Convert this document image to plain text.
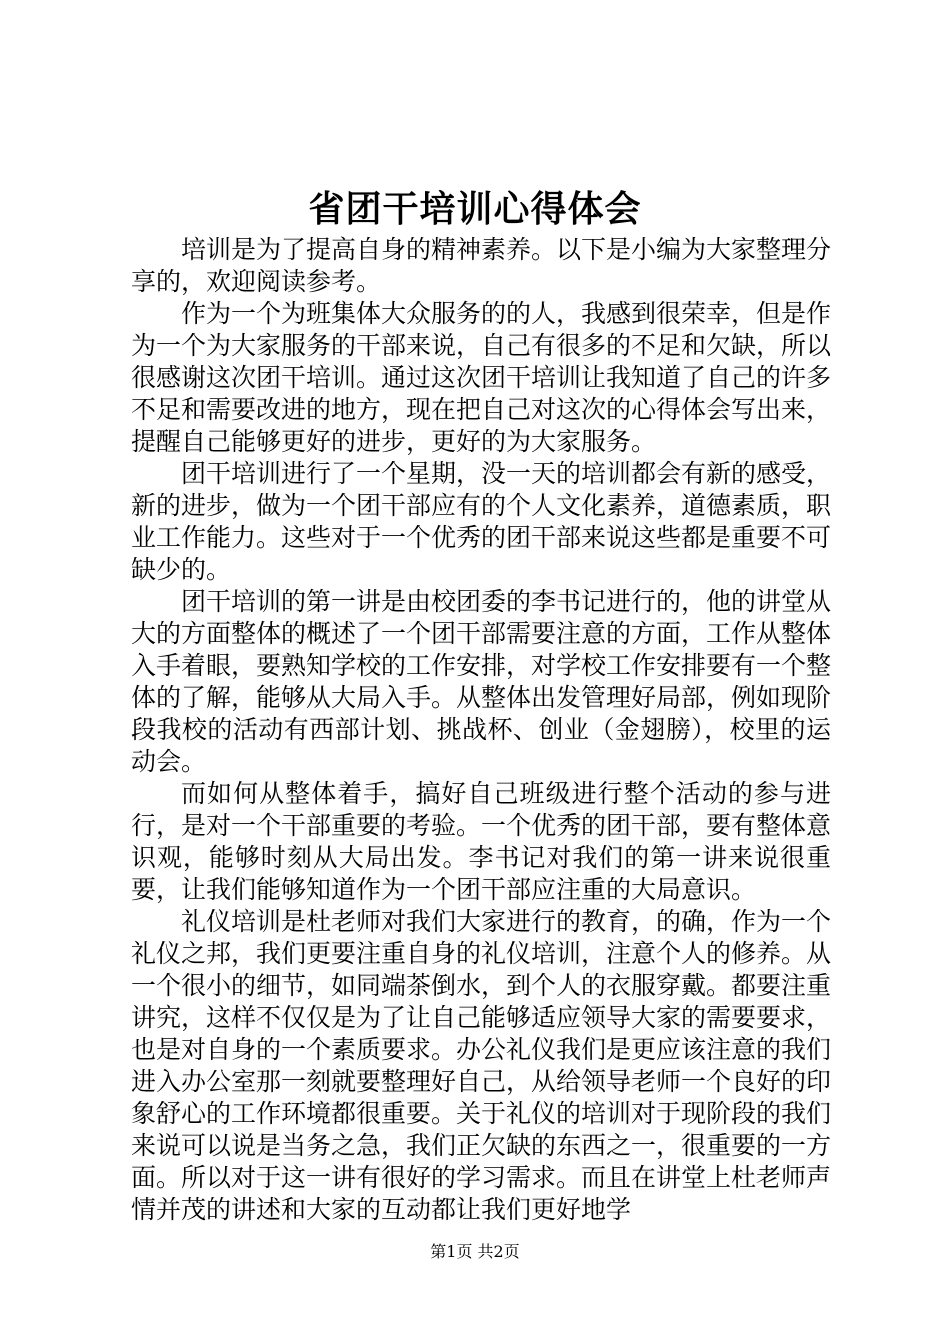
省团干培训心得体会

培训是为了提高自身的精神素养。以下是小编为大家整理分享的，欢迎阅读参考。

作为一个为班集体大众服务的的人，我感到很荣幸，但是作为一个为大家服务的干部来说，自己有很多的不足和欠缺，所以很感谢这次团干培训。通过这次团干培训让我知道了自己的许多不足和需要改进的地方，现在把自己对这次的心得体会写出来，提醒自己能够更好的进步，更好的为大家服务。

团干培训进行了一个星期，没一天的培训都会有新的感受，新的进步，做为一个团干部应有的个人文化素养，道德素质，职业工作能力。这些对于一个优秀的团干部来说这些都是重要不可缺少的。

团干培训的第一讲是由校团委的李书记进行的，他的讲堂从大的方面整体的概述了一个团干部需要注意的方面，工作从整体入手着眼，要熟知学校的工作安排，对学校工作安排要有一个整体的了解，能够从大局入手。从整体出发管理好局部，例如现阶段我校的活动有西部计划、挑战杯、创业（金翅膀），校里的运动会。

而如何从整体着手，搞好自己班级进行整个活动的参与进行，是对一个干部重要的考验。一个优秀的团干部，要有整体意识观，能够时刻从大局出发。李书记对我们的第一讲来说很重要，让我们能够知道作为一个团干部应注重的大局意识。

礼仪培训是杜老师对我们大家进行的教育，的确，作为一个礼仪之邦，我们更要注重自身的礼仪培训，注意个人的修养。从一个很小的细节，如同端茶倒水，到个人的衣服穿戴。都要注重讲究，这样不仅仅是为了让自己能够适应领导大家的需要要求，也是对自身的一个素质要求。办公礼仪我们是更应该注意的我们进入办公室那一刻就要整理好自己，从给领导老师一个良好的印象舒心的工作环境都很重要。关于礼仪的培训对于现阶段的我们来说可以说是当务之急，我们正欠缺的东西之一，很重要的一方面。所以对于这一讲有很好的学习需求。而且在讲堂上杜老师声情并茂的讲述和大家的互动都让我们更好地学

第1页 共2页
